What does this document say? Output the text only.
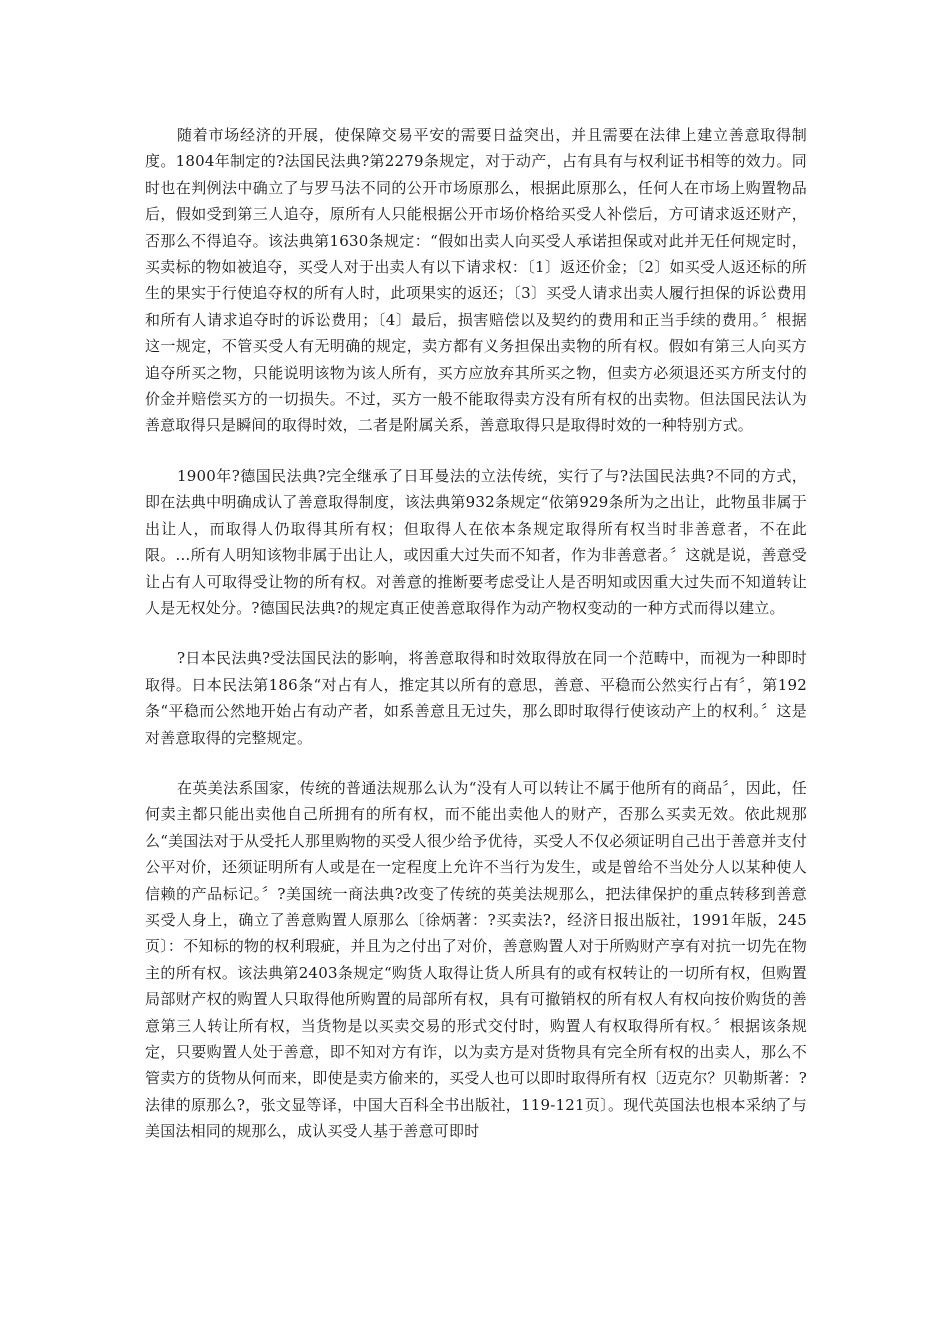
随着市场经济的开展，使保障交易平安的需要日益突出，并且需要在法律上建立善意取得制度。1804年制定的?法国民法典?第2279条规定，对于动产，占有具有与权利证书相等的效力。同时也在判例法中确立了与罗马法不同的公开市场原那么，根据此原那么，任何人在市场上购置物品后，假如受到第三人追夺，原所有人只能根据公开市场价格给买受人补偿后，方可请求返还财产，否那么不得追夺。该法典第1630条规定：“假如出卖人向买受人承诺担保或对此并无任何规定时，买卖标的物如被追夺，买受人对于出卖人有以下请求权：〔1〕返还价金；〔2〕如买受人返还标的所生的果实于行使追夺权的所有人时，此项果实的返还；〔3〕买受人请求出卖人履行担保的诉讼费用和所有人请求追夺时的诉讼费用；〔4〕最后，损害赔偿以及契约的费用和正当手续的费用。〞根据这一规定，不管买受人有无明确的规定，卖方都有义务担保出卖物的所有权。假如有第三人向买方追夺所买之物，只能说明该物为该人所有，买方应放弃其所买之物，但卖方必须退还买方所支付的价金并赔偿买方的一切损失。不过，买方一般不能取得卖方没有所有权的出卖物。但法国民法认为善意取得只是瞬间的取得时效，二者是附属关系，善意取得只是取得时效的一种特别方式。

1900年?德国民法典?完全继承了日耳曼法的立法传统，实行了与?法国民法典?不同的方式，即在法典中明确成认了善意取得制度，该法典第932条规定“依第929条所为之出让，此物虽非属于出让人，而取得人仍取得其所有权；但取得人在依本条规定取得所有权当时非善意者，不在此限。…所有人明知该物非属于出让人，或因重大过失而不知者，作为非善意者。〞这就是说，善意受让占有人可取得受让物的所有权。对善意的推断要考虑受让人是否明知或因重大过失而不知道转让人是无权处分。?德国民法典?的规定真正使善意取得作为动产物权变动的一种方式而得以建立。

?日本民法典?受法国民法的影响，将善意取得和时效取得放在同一个范畴中，而视为一种即时取得。日本民法第186条“对占有人，推定其以所有的意思，善意、平稳而公然实行占有〞，第192条“平稳而公然地开始占有动产者，如系善意且无过失，那么即时取得行使该动产上的权利。〞这是对善意取得的完整规定。

在英美法系国家，传统的普通法规那么认为“没有人可以转让不属于他所有的商品〞，因此，任何卖主都只能出卖他自己所拥有的所有权，而不能出卖他人的财产，否那么买卖无效。依此规那么“美国法对于从受托人那里购物的买受人很少给予优待，买受人不仅必须证明自己出于善意并支付公平对价，还须证明所有人或是在一定程度上允许不当行为发生，或是曾给不当处分人以某种使人信赖的产品标记。〞?美国统一商法典?改变了传统的英美法规那么，把法律保护的重点转移到善意买受人身上，确立了善意购置人原那么〔徐炳著：?买卖法?，经济日报出版社，1991年版，245页〕：不知标的物的权利瑕疵，并且为之付出了对价，善意购置人对于所购财产享有对抗一切先在物主的所有权。该法典第2403条规定“购货人取得让货人所具有的或有权转让的一切所有权，但购置局部财产权的购置人只取得他所购置的局部所有权，具有可撤销权的所有权人有权向按价购货的善意第三人转让所有权，当货物是以买卖交易的形式交付时，购置人有权取得所有权。〞根据该条规定，只要购置人处于善意，即不知对方有诈，以为卖方是对货物具有完全所有权的出卖人，那么不管卖方的货物从何而来，即使是卖方偷来的，买受人也可以即时取得所有权〔迈克尔？贝勒斯著：?法律的原那么?，张文显等译，中国大百科全书出版社，119-121页〕。现代英国法也根本采纳了与美国法相同的规那么，成认买受人基于善意可即时
